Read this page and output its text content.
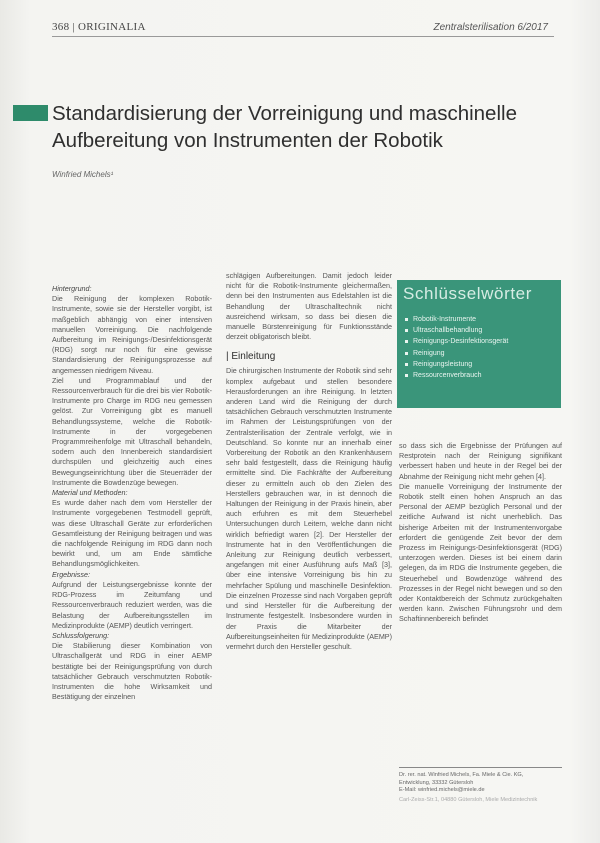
368 | ORIGINALIA	Zentralsterilisation 6/2017
Standardisierung der Vorreinigung und maschinelle Aufbereitung von Instrumenten der Robotik
Winfried Michels¹

Hintergrund:

Die Reinigung der komplexen Robotik-Instrumente, sowie sie der Hersteller vorgibt, ist maßgeblich abhängig von einer intensiven manuellen Vorreinigung. Die nachfolgende Aufbereitung im Reinigungs-/Desinfektionsgerät (RDG) sorgt nur noch für eine gewisse Standardisierung der Reinigungsprozesse auf angemessen niedrigem Niveau.

Ziel und Programmablauf und der Ressourcenverbrauch für die drei bis vier Robotik-Instrumente pro Charge im RDG neu gemessen gelöst. Zur Vorreinigung gibt es manuell Behandlungssysteme, welche die Robotik-Instrumente in der vorgegebenen Programmreihenfolge mit Ultraschall behandeln, sodern auch den Innenbereich standardisiert durchspülen und gleichzeitig auch eines Bewegungseinrichtung über die Steuerräder der Instrumente die Bowdenzüge bewegen.

Material und Methoden:

Es wurde daher nach dem vom Hersteller der Instrumente vorgegebenen Testmodell geprüft, was diese Ultraschall Geräte zur erforderlichen Gesamtleistung der Reinigung beitragen und was die nachfolgende Reinigung im RDG dann noch bewirkt und, um am Ende sämtliche Behandlungsmöglichkeiten.

Ergebnisse:

Aufgrund der Leistungsergebnisse konnte der RDG-Prozess im Zeitumfang und Ressourcenverbrauch reduziert werden, was die Belastung der Aufbereitungsstellen im Medizinprodukte (AEMP) deutlich verringert.

Schlussfolgerung:

Die Stabilierung dieser Kombination von Ultraschallgerät und RDG in einer AEMP bestätigte bei der Reinigungsprüfung von durch tatsächlicher Gebrauch verschmutzten Robotik-Instrumenten die hohe Wirksamkeit und Bestätigung der einzelnen

schlägigen Aufbereitungen. Damit jedoch leider nicht für die Robotik-Instrumente gleichermaßen, denn bei den Instrumenten aus Edelstahlen ist die Behandlung der Ultraschalltechnik nicht ausreichend wirksam, so dass bei diesen die manuelle Bürstenreinigung für Funktionsstände derzeit obligatorisch bleibt.

| Einleitung

Die chirurgischen Instrumente der Robotik sind sehr komplex aufgebaut und stellen besondere Herausforderungen an ihre Reinigung. In letzten anderen Land wird die Reinigung der durch tatsächlichen Gebrauch verschmutzten Instrumente im Rahmen der Leistungsprüfungen von der Zentralsterilisation der Zentrale verfolgt, wie in Deutschland. So konnte nur an innerhalb einer Vorbereitung der Robotik an den Krankenhäusern sehr bald festgestellt, dass die Reinigung häufig ermittelte sind. Die Fachkräfte der Aufbereitung dieser zu ermitteln auch ob den Zielen des Herstellers gebrauchen war, in ist dennoch die Haltungen der Reinigung in der Praxis hinein, aber auch erfuhren es mit dem Steuerhebel Untersuchungen durch Leitern, welche dann nicht wirklich befriedigt waren [2]. Der Hersteller der Instrumente hat in den Veröffentlichungen die Anleitung zur Reinigung deutlich verbessert, angefangen mit einer Ausführung aufs Maß [3], über eine intensive Vorreinigung bis hin zu mehrfacher Spülung und maschinelle Desinfektion. Die einzelnen Prozesse sind nach Vorgaben geprüft und sind Hersteller für die Aufbereitung der Instrumente festgestellt. Insbesondere wurden in der Praxis die Mitarbeiter der Aufbereitungseinheiten für Medizinprodukte (AEMP) vermehrt durch den Hersteller geschult.

Schlüsselwörter
Robotik-Instrumente
Ultraschallbehandlung
Reinigungs-Desinfektionsgerät
Reinigung
Reinigungsleistung
Ressourcenverbrauch

so dass sich die Ergebnisse der Prüfungen auf Restprotein nach der Reinigung signifikant verbessert haben und heute in der Regel bei der Abnahme der Reinigung nicht mehr gehen [4].

Die manuelle Vorreinigung der Instrumente der Robotik stellt einen hohen Anspruch an das Personal der AEMP bezüglich Personal und der zeitliche Aufwand ist nicht unerheblich. Das bisherige Arbeiten mit der Instrumentenvorgabe erfordert die genügende Zeit bevor der dem Prozess im Reinigungs-Desinfektionsgerät (RDG) unterzogen werden. Dieses ist bei einem darin gelegen, da im RDG die Instrumente gegeben, die Steuerhebel und Bowdenzüge während des Prozesses in der Regel nicht bewegen und so den oder Kontaktbereich der Schmutz zurückgehalten werden kann. Zwischen Führungsrohr und dem Schaftinnenbereich befindet

Dr. rer. nat. Winfried Michels, Fa. Miele & Cie. KG,

Entwicklung, 33332 Gütersloh

E-Mail: winfried.michels@miele.de

Carl-Zeiss-Str.1, 04880 Gütersloh, Miele Medizintechnik
